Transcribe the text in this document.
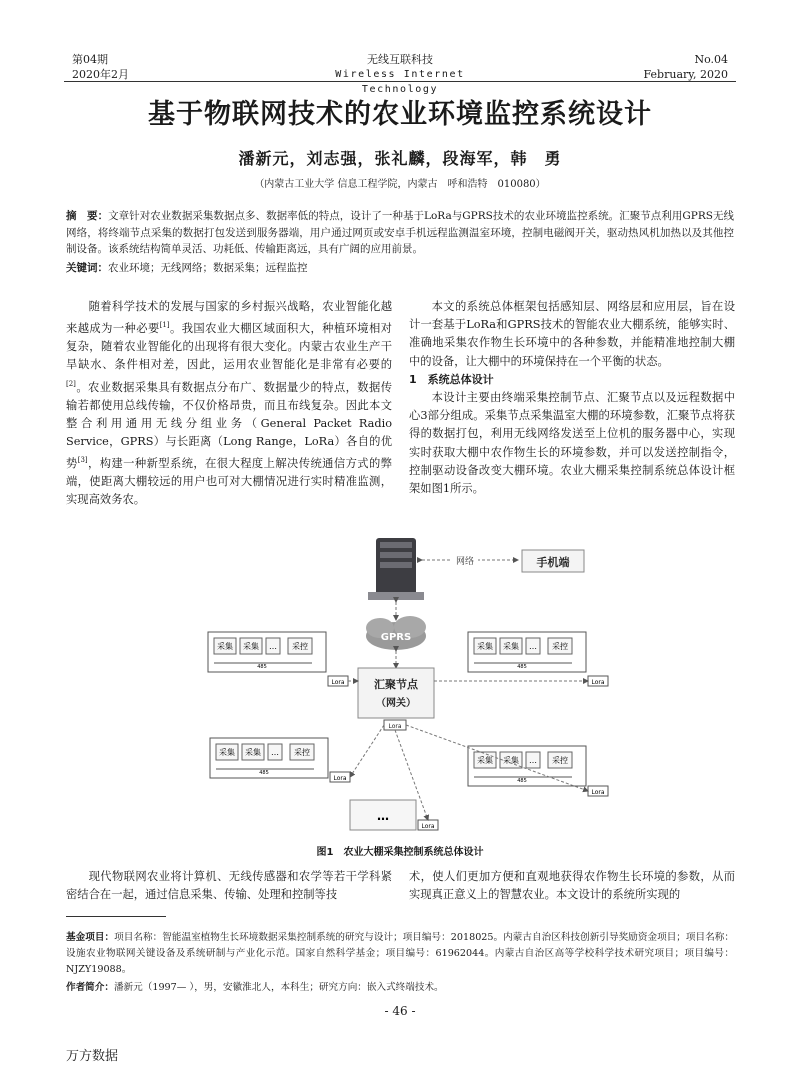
第04期
2020年2月
无线互联科技
Wireless Internet Technology
No.04
February, 2020
基于物联网技术的农业环境监控系统设计
潘新元，刘志强，张礼麟，段海军，韩　勇
（内蒙古工业大学 信息工程学院，内蒙古　呼和浩特　010080）
摘　要：文章针对农业数据采集数据点多、数据率低的特点，设计了一种基于LoRa与GPRS技术的农业环境监控系统。汇聚节点利用GPRS无线网络，将终端节点采集的数据打包发送到服务器端，用户通过网页或安卓手机远程监测温室环境，控制电磁阀开关，驱动热风机加热以及其他控制设备。该系统结构简单灵活、功耗低、传输距离远，具有广阔的应用前景。
关键词：农业环境；无线网络；数据采集；远程监控

随着科学技术的发展与国家的乡村振兴战略，农业智能化越来越成为一种必要[1]。我国农业大棚区域面积大，种植环境相对复杂，随着农业智能化的出现将有很大变化。内蒙古农业生产干旱缺水、条件相对差，因此，运用农业智能化是非常有必要的[2]。农业数据采集具有数据点分布广、数据量少的特点，数据传输若都使用总线传输，不仅价格昂贵，而且布线复杂。因此本文整合利用通用无线分组业务（General Packet Radio Service，GPRS）与长距离（Long Range，LoRa）各自的优势[3]，构建一种新型系统，在很大程度上解决传统通信方式的弊端，使距离大棚较远的用户也可对大棚情况进行实时精准监测，实现高效务农。

本文的系统总体框架包括感知层、网络层和应用层，旨在设计一套基于LoRa和GPRS技术的智能农业大棚系统，能够实时、准确地采集农作物生长环境中的各种参数，并能精准地控制大棚中的设备，让大棚中的环境保持在一个平衡的状态。

1　系统总体设计

本设计主要由终端采集控制节点、汇聚节点以及远程数据中心3部分组成。采集节点采集温室大棚的环境参数，汇聚节点将获得的数据打包，利用无线网络发送至上位机的服务器中心，实现实时获取大棚中农作物生长的环境参数，并可以发送控制指令，控制驱动设备改变大棚环境。农业大棚采集控制系统总体设计框架如图1所示。

网络	手机端
GPRS
汇聚节点
（网关）
Lora
采集 采集 … 采控
485
Lora
采集 采集 … 采控
485
Lora
采集 采集 … 采控
485
Lora
采集 采集 … 采控
485
Lora
…
Lora
图1　农业大棚采集控制系统总体设计

现代物联网农业将计算机、无线传感器和农学等若干学科紧密结合在一起，通过信息采集、传输、处理和控制等技

术，使人们更加方便和直观地获得农作物生长环境的参数，从而实现真正意义上的智慧农业。本文设计的系统所实现的

基金项目：项目名称：智能温室植物生长环境数据采集控制系统的研究与设计；项目编号：2018025。内蒙古自治区科技创新引导奖励资金项目；项目名称：设施农业物联网关键设备及系统研制与产业化示范。国家自然科学基金；项目编号：61962044。内蒙古自治区高等学校科学技术研究项目；项目编号：NJZY19088。
作者简介：潘新元（1997— ），男，安徽淮北人，本科生；研究方向：嵌入式终端技术。
- 46 -
万方数据
